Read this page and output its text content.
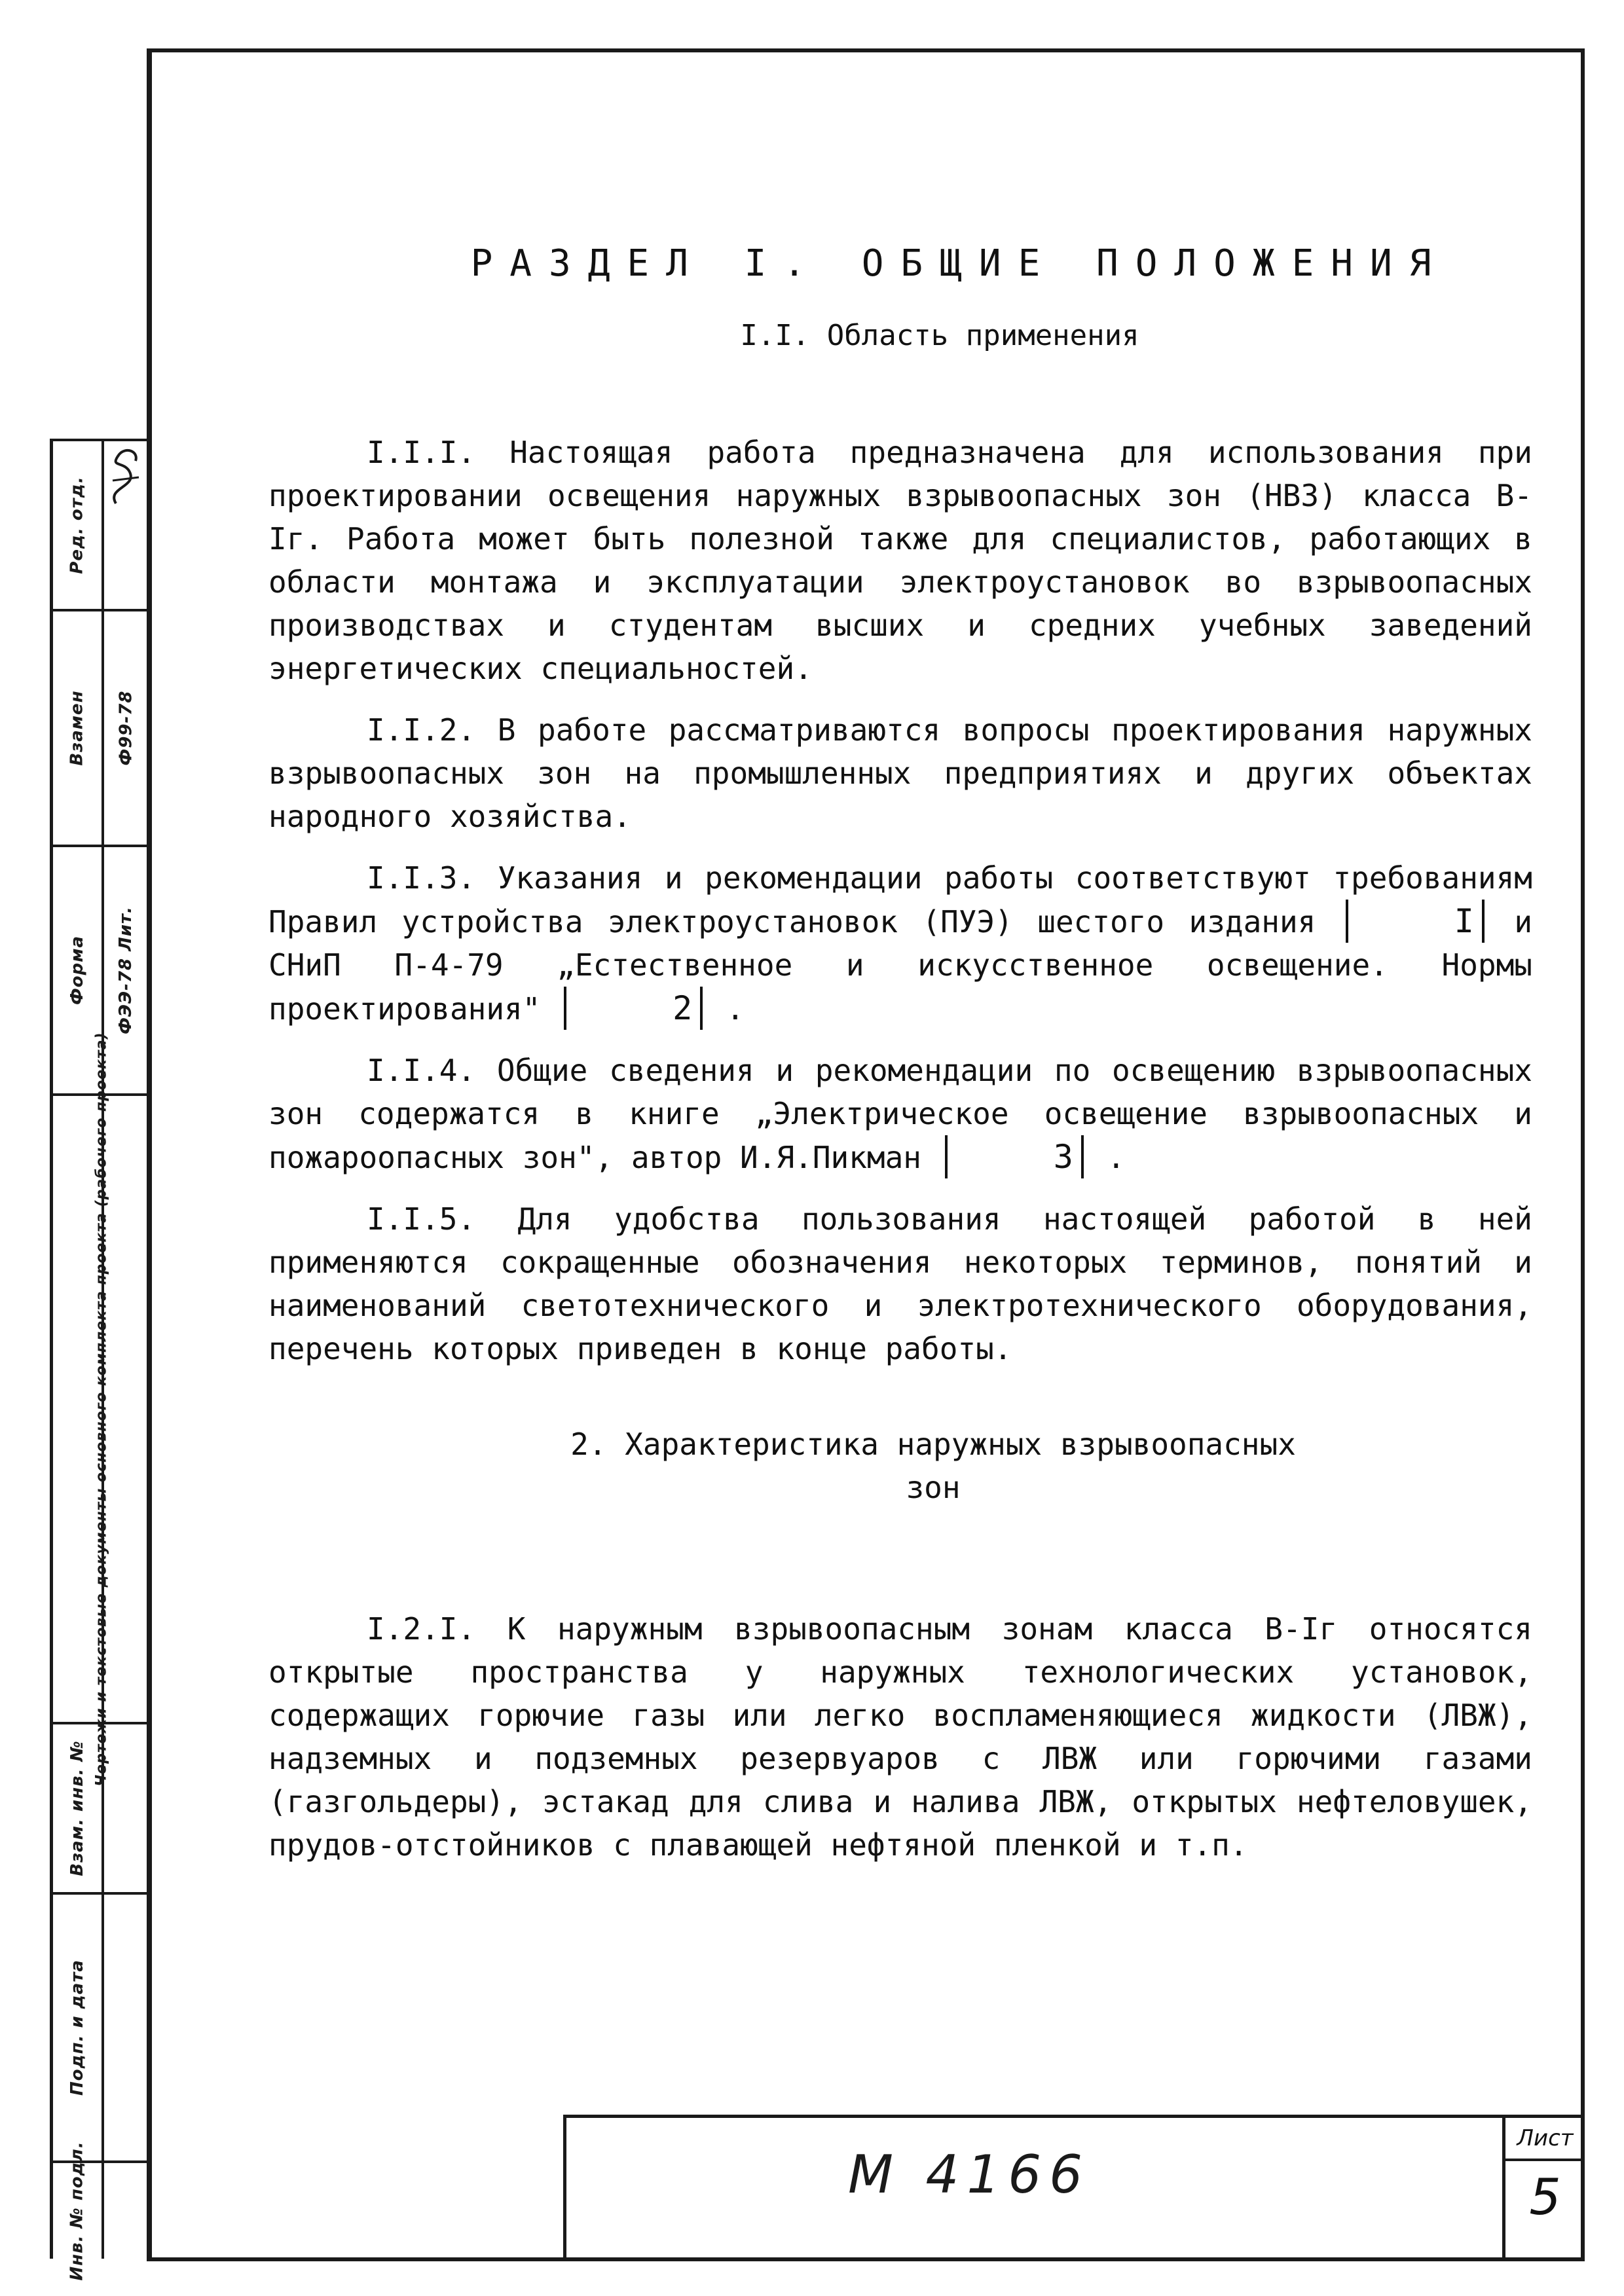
Инв. № подл.
Подп. и дата
Взам. инв. №
Чертежи и текстовые документы основного комплекта проекта (рабочего проекта)
Форма ФЭЭ-78 Лит.
Взамен Ф99-78
Ред. отд.
РАЗДЕЛ I. ОБЩИЕ ПОЛОЖЕНИЯ
I.I. Область применения

I.I.I. Настоящая работа предназначена для использования при проектировании освещения наружных взрывоопасных зон (НВЗ) класса В-Iг. Работа может быть полезной также для специалистов, работающих в области монтажа и эксплуатации электроустановок во взрывоопасных производствах и студентам высших и средних учебных заведений энергетических специальностей.

I.I.2. В работе рассматриваются вопросы проектирования наружных взрывоопасных зон на промышленных предприятиях и других объектах народного хозяйства.

I.I.3. Указания и рекомендации работы соответствуют требованиям Правил устройства электроустановок (ПУЭ) шестого издания	I и СНиП П-4-79 „Естественное и искусственное освещение. Нормы проектирования"	2 .

I.I.4. Общие сведения и рекомендации по освещению взрывоопасных зон содержатся в книге „Электрическое освещение взрывоопасных и пожароопасных зон", автор И.Я.Пикман	3 .

I.I.5. Для удобства пользования настоящей работой в ней применяются сокращенные обозначения некоторых терминов, понятий и наименований светотехнического и электротехнического оборудования, перечень которых приведен в конце работы.

2. Характеристика наружных взрывоопасных
зон

I.2.I. К наружным взрывоопасным зонам класса В-Iг относятся открытые пространства у наружных технологических установок, содержащих горючие газы или легко воспламеняющиеся жидкости (ЛВЖ), надземных и подземных резервуаров с ЛВЖ или горючими газами (газгольдеры), эстакад для слива и налива ЛВЖ, открытых нефтеловушек, прудов-отстойников с плавающей нефтяной пленкой и т.п.

М 4166
Лист
5
